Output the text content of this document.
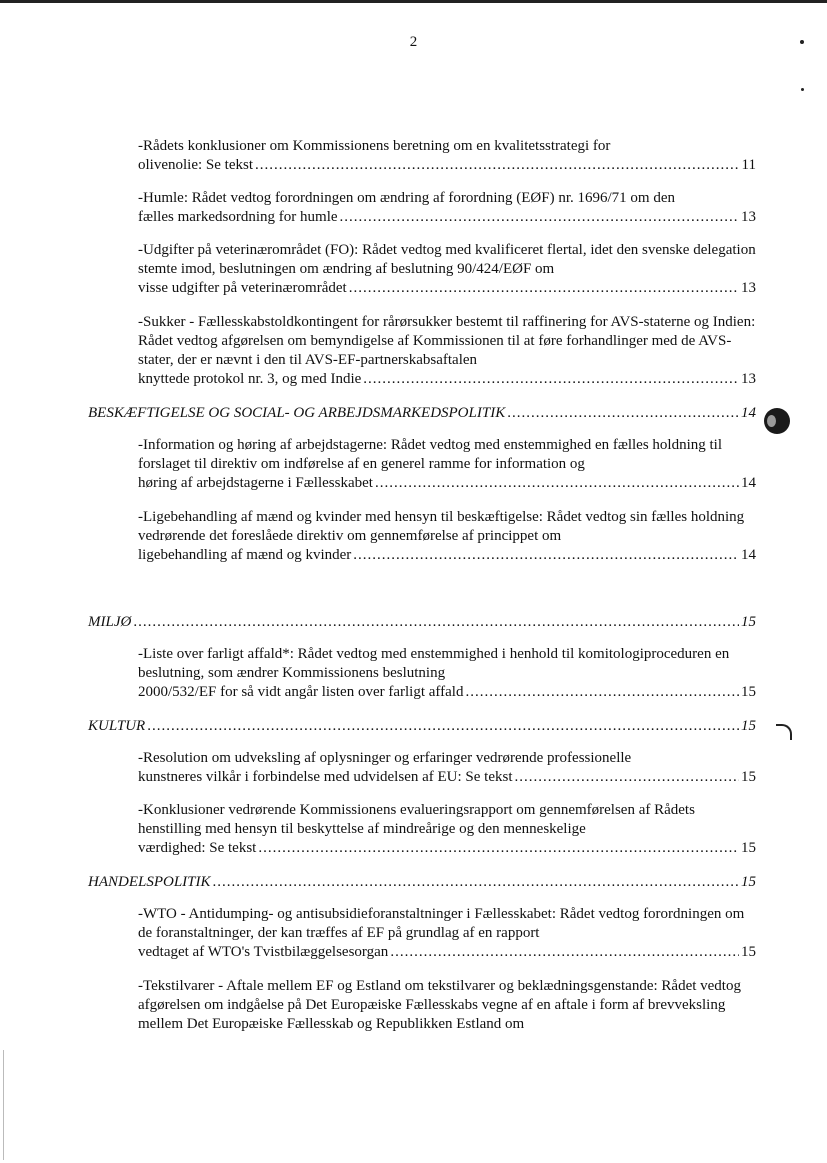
2
-Rådets konklusioner om Kommissionens beretning om en kvalitetsstrategi for
olivenolie: Se tekst .....	11
-Humle: Rådet vedtog forordningen om ændring af forordning (EØF) nr. 1696/71 om den
fælles markedsordning for humle .....	13
-Udgifter på veterinærområdet (FO): Rådet vedtog med kvalificeret flertal, idet den svenske delegation stemte imod, beslutningen om ændring af beslutning 90/424/EØF om
visse udgifter på veterinærområdet .....	13
-Sukker - Fællesskabstoldkontingent for rårørsukker bestemt til raffinering for AVS-staterne og Indien: Rådet vedtog afgørelsen om bemyndigelse af Kommissionen til at føre forhandlinger med de AVS-stater, der er nævnt i den til AVS-EF-partnerskabsaftalen
knyttede protokol nr. 3, og med Indie .....	13
BESKÆFTIGELSE OG SOCIAL- OG ARBEJDSMARKEDSPOLITIK .....	14
-Information og høring af arbejdstagerne: Rådet vedtog med enstemmighed en fælles holdning til forslaget til direktiv om indførelse af en generel ramme for information og
høring af arbejdstagerne i Fællesskabet .....	14
-Ligebehandling af mænd og kvinder med hensyn til beskæftigelse: Rådet vedtog sin fælles holdning vedrørende det foreslåede direktiv om gennemførelse af princippet om
ligebehandling af mænd og kvinder .....	14
MILJØ .....	15
-Liste over farligt affald*: Rådet vedtog med enstemmighed i henhold til komitologiproceduren en beslutning, som ændrer Kommissionens beslutning
2000/532/EF for så vidt angår listen over farligt affald .....	15
KULTUR .....	15
-Resolution om udveksling af oplysninger og erfaringer vedrørende professionelle
kunstneres vilkår i forbindelse med udvidelsen af EU: Se tekst .....	15
-Konklusioner vedrørende Kommissionens evalueringsrapport om gennemførelsen af Rådets henstilling med hensyn til beskyttelse af mindreårige og den menneskelige
værdighed: Se tekst .....	15
HANDELSPOLITIK .....	15
-WTO - Antidumping- og antisubsidieforanstaltninger i Fællesskabet: Rådet vedtog forordningen om de foranstaltninger, der kan træffes af EF på grundlag af en rapport
vedtaget af WTO's Tvistbilæggelsesorgan .....	15
-Tekstilvarer - Aftale mellem EF og Estland om tekstilvarer og beklædningsgenstande: Rådet vedtog afgørelsen om indgåelse på Det Europæiske Fællesskabs vegne af en aftale i form af brevveksling mellem Det Europæiske Fællesskab og Republikken Estland om
